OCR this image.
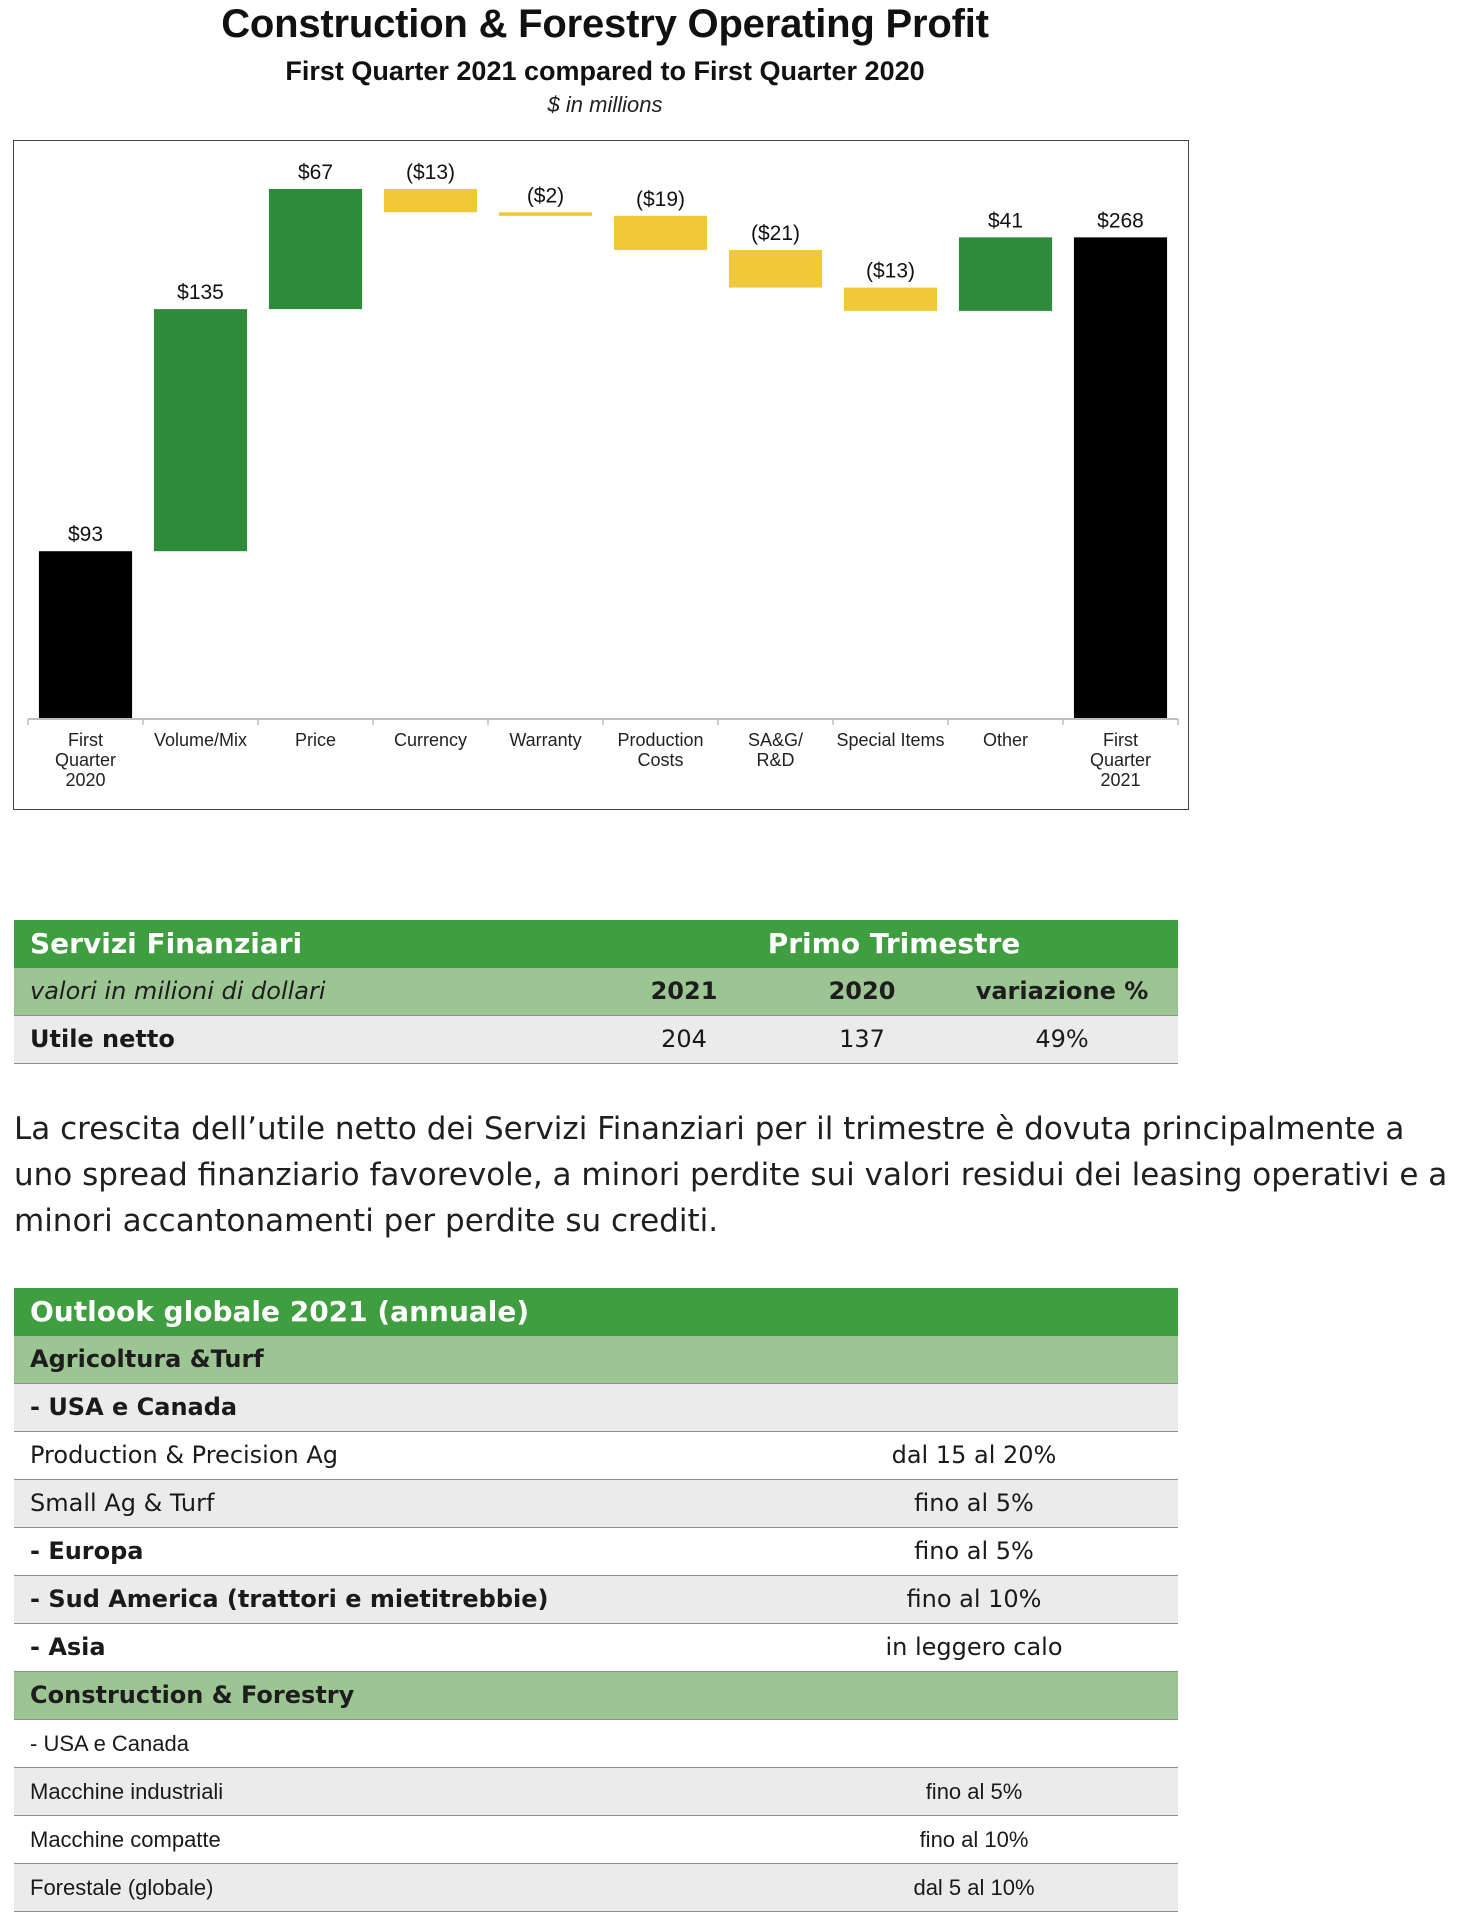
Construction & Forestry Operating Profit
First Quarter 2021 compared to First Quarter 2020
$ in millions
$93
First
Quarter
2020
$135
Volume/Mix
$67
Price
($13)
Currency
($2)
Warranty
($19)
Production
Costs
($21)
SA&G/
R&D
($13)
Special Items
$41
Other
$268
First
Quarter
2021
Servizi Finanziari	Primo Trimestre
valori in milioni di dollari	2021	2020	variazione %
Utile netto	204	137	49%
La crescita dell’utile netto dei Servizi Finanziari per il trimestre è dovuta principalmente a uno spread finanziario favorevole, a minori perdite sui valori residui dei leasing operativi e a minori accantonamenti per perdite su crediti.
Outlook globale 2021 (annuale)
Agricoltura &Turf
- USA e Canada
Production & Precision Ag	dal 15 al 20%
Small Ag & Turf	fino al 5%
- Europa	fino al 5%
- Sud America (trattori e mietitrebbie)	fino al 10%
- Asia	in leggero calo
Construction & Forestry
- USA e Canada
Macchine industriali	fino al 5%
Macchine compatte	fino al 10%
Forestale (globale)	dal 5 al 10%
